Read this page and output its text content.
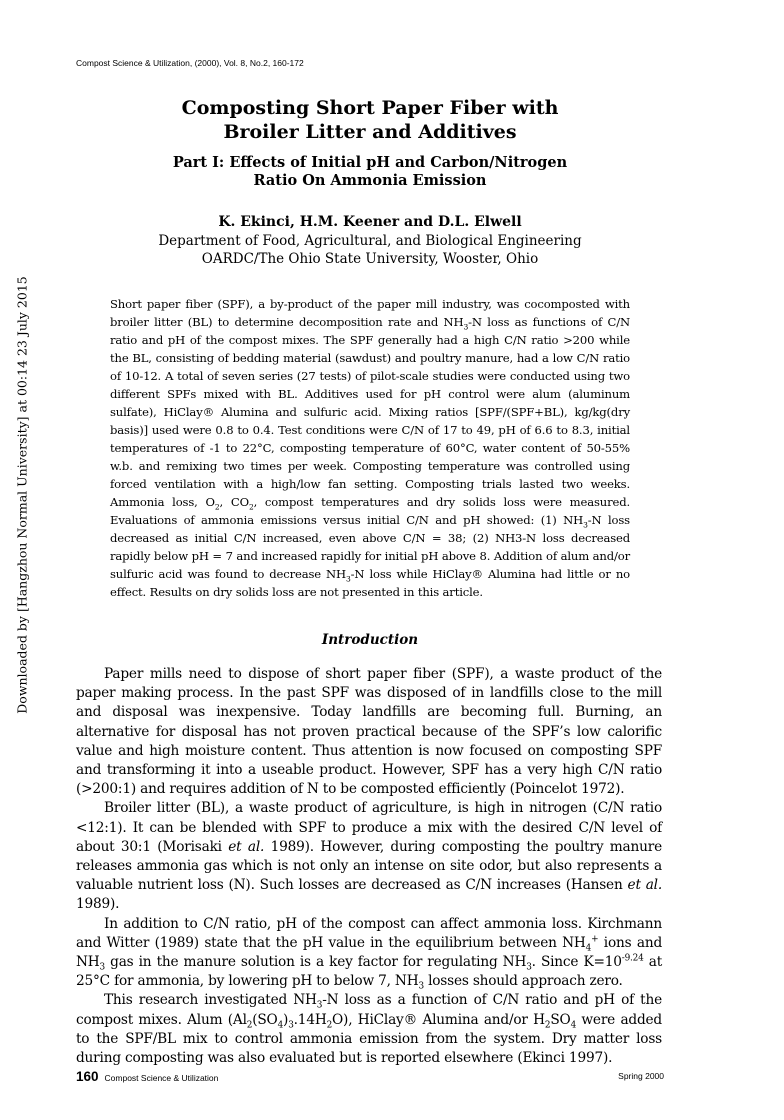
Compost Science & Utilization, (2000), Vol. 8, No.2, 160-172
Downloaded by [Hangzhou Normal University] at 00:14 23 July 2015
Composting Short Paper Fiber with
Broiler Litter and Additives
Part I: Effects of Initial pH and Carbon/Nitrogen
Ratio On Ammonia Emission
K. Ekinci, H.M. Keener and D.L. Elwell
Department of Food, Agricultural, and Biological Engineering
OARDC/The Ohio State University, Wooster, Ohio
Short paper fiber (SPF), a by-product of the paper mill industry, was cocomposted with broiler litter (BL) to determine decomposition rate and $NH_3-N$ loss as functions of C/N ratio and pH of the compost mixes. The SPF generally had a high C/N ratio >200 while the BL, consisting of bedding material (sawdust) and poultry manure, had a low C/N ratio of 10-12. A total of seven series (27 tests) of pilot-scale studies were conducted using two different SPFs mixed with BL. Additives used for pH control were alum (aluminum sulfate), HiClay® Alumina and sulfuric acid. Mixing ratios [SPF/(SPF+BL), kg/kg(dry basis)] used were 0.8 to 0.4. Test conditions were C/N of 17 to 49, pH of 6.6 to 8.3, initial temperatures of -1 to 22°C, composting temperature of 60°C, water content of 50-55% w.b. and remixing two times per week. Composting temperature was controlled using forced ventilation with a high/low fan setting. Composting trials lasted two weeks. Ammonia loss, $O_2$, $CO_2$, compost temperatures and dry solids loss were measured. Evaluations of ammonia emissions versus initial C/N and pH showed: (1) $NH_3-N$ loss decreased as initial C/N increased, even above C/N = 38; (2) NH3-N loss decreased rapidly below pH = 7 and increased rapidly for initial pH above 8. Addition of alum and/or sulfuric acid was found to decrease $NH_3-N$ loss while HiClay® Alumina had little or no effect. Results on dry solids loss are not presented in this article.
Introduction

Paper mills need to dispose of short paper fiber (SPF), a waste product of the paper making process. In the past SPF was disposed of in landfills close to the mill and disposal was inexpensive. Today landfills are becoming full. Burning, an alternative for disposal has not proven practical because of the SPF’s low calorific value and high moisture content. Thus attention is now focused on composting SPF and transforming it into a useable product. However, SPF has a very high C/N ratio (>200:1) and requires addition of N to be composted efficiently (Poincelot 1972).

Broiler litter (BL), a waste product of agriculture, is high in nitrogen (C/N ratio <12:1). It can be blended with SPF to produce a mix with the desired C/N level of about 30:1 (Morisaki et al. 1989). However, during composting the poultry manure releases ammonia gas which is not only an intense on site odor, but also represents a valuable nutrient loss (N). Such losses are decreased as C/N increases (Hansen et al. 1989).

In addition to C/N ratio, pH of the compost can affect ammonia loss. Kirchmann and Witter (1989) state that the pH value in the equilibrium between $NH_4^+$ ions and $NH_3$ gas in the manure solution is a key factor for regulating $NH_3$. Since $K=10^{-9.24}$ at 25°C for ammonia, by lowering pH to below 7, $NH_3$ losses should approach zero.

This research investigated $NH_3-N$ loss as a function of C/N ratio and pH of the compost mixes. Alum $(Al_2(SO_4)_3.14H_2O)$, HiClay® Alumina and/or $H_2SO_4$ were added to the SPF/BL mix to control ammonia emission from the system. Dry matter loss during composting was also evaluated but is reported elsewhere (Ekinci 1997).

160 Compost Science & Utilization	Spring 2000
